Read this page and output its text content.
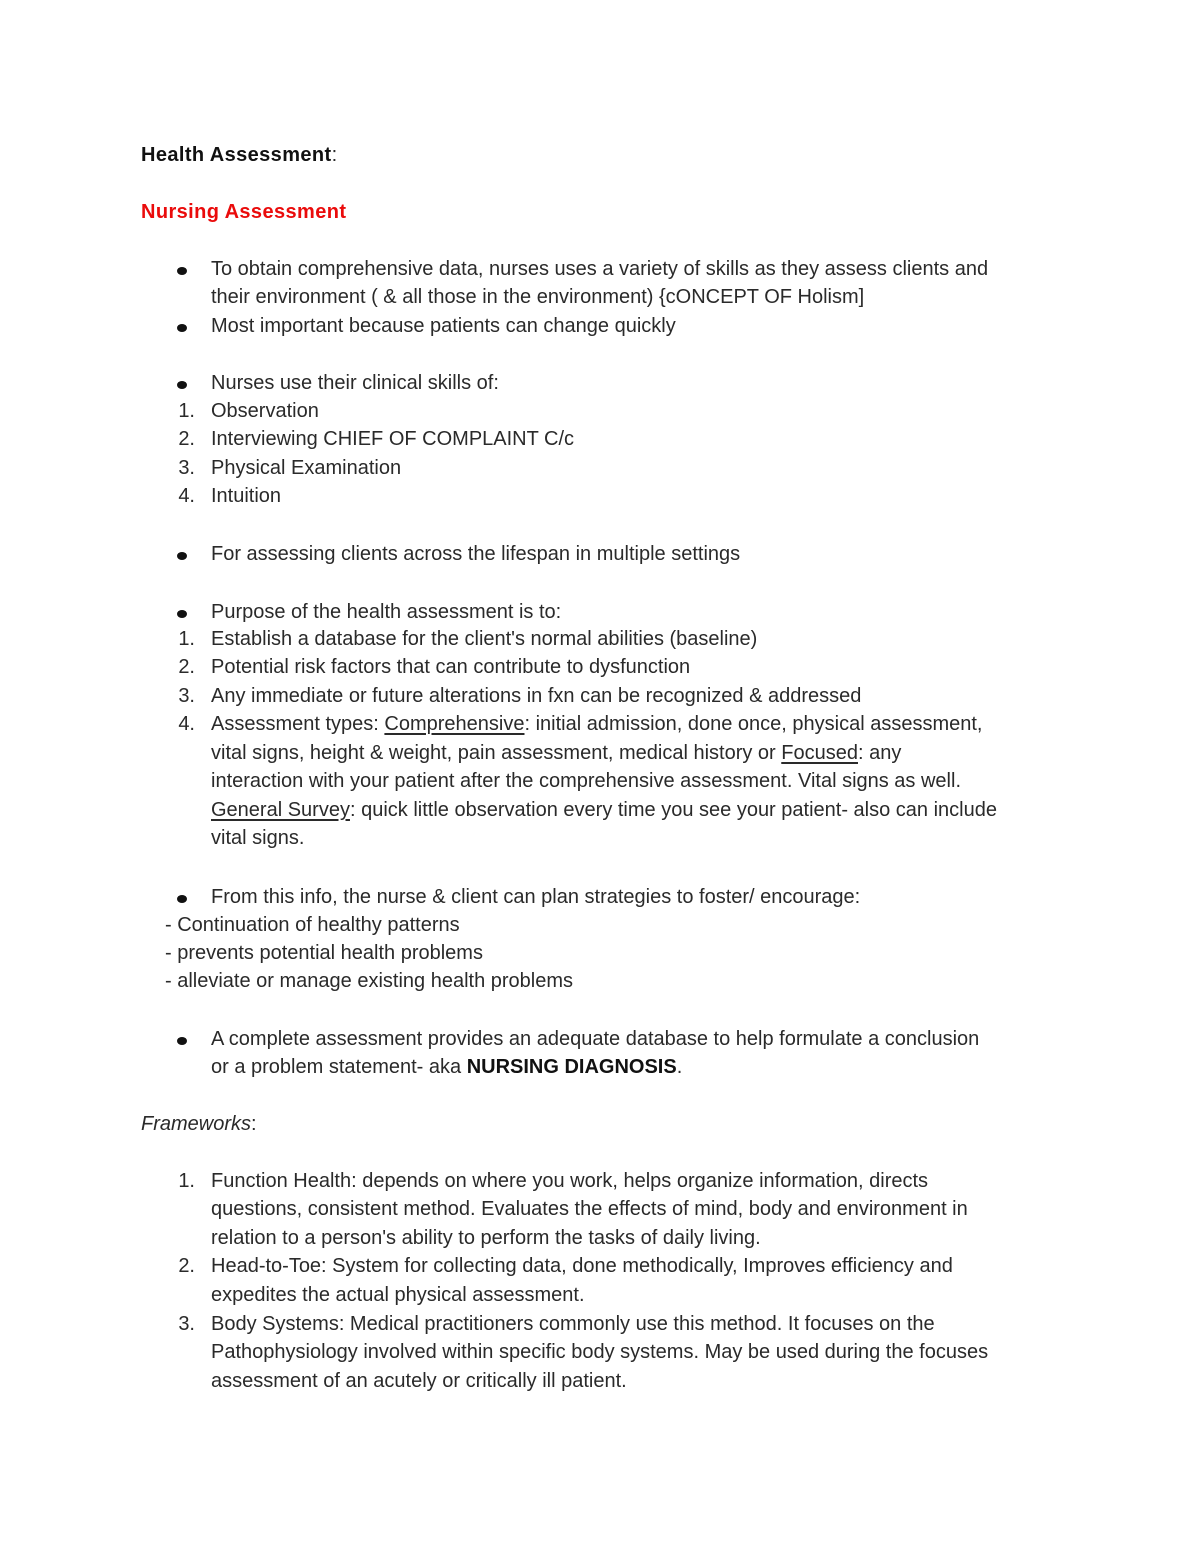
Health Assessment:
Nursing Assessment
To obtain comprehensive data, nurses uses a variety of skills as they assess clients and
their environment ( & all those in the environment) {cONCEPT OF Holism]
Most important because patients can change quickly
Nurses use their clinical skills of:
1. Observation
2. Interviewing CHIEF OF COMPLAINT C/c
3. Physical Examination
4. Intuition
For assessing clients across the lifespan in multiple settings
Purpose of the health assessment is to:
1. Establish a database for the client's normal abilities (baseline)
2. Potential risk factors that can contribute to dysfunction
3. Any immediate or future alterations in fxn can be recognized & addressed
4. Assessment types: Comprehensive: initial admission, done once, physical assessment,
vital signs, height & weight, pain assessment, medical history or Focused: any
interaction with your patient after the comprehensive assessment. Vital signs as well.
General Survey: quick little observation every time you see your patient- also can include
vital signs.
From this info, the nurse & client can plan strategies to foster/ encourage:
- Continuation of healthy patterns
- prevents potential health problems
- alleviate or manage existing health problems
A complete assessment provides an adequate database to help formulate a conclusion
or a problem statement- aka NURSING DIAGNOSIS.
Frameworks:
1. Function Health: depends on where you work, helps organize information, directs
questions, consistent method. Evaluates the effects of mind, body and environment in
relation to a person's ability to perform the tasks of daily living.
2. Head-to-Toe: System for collecting data, done methodically, Improves efficiency and
expedites the actual physical assessment.
3. Body Systems: Medical practitioners commonly use this method. It focuses on the
Pathophysiology involved within specific body systems. May be used during the focuses
assessment of an acutely or critically ill patient.
